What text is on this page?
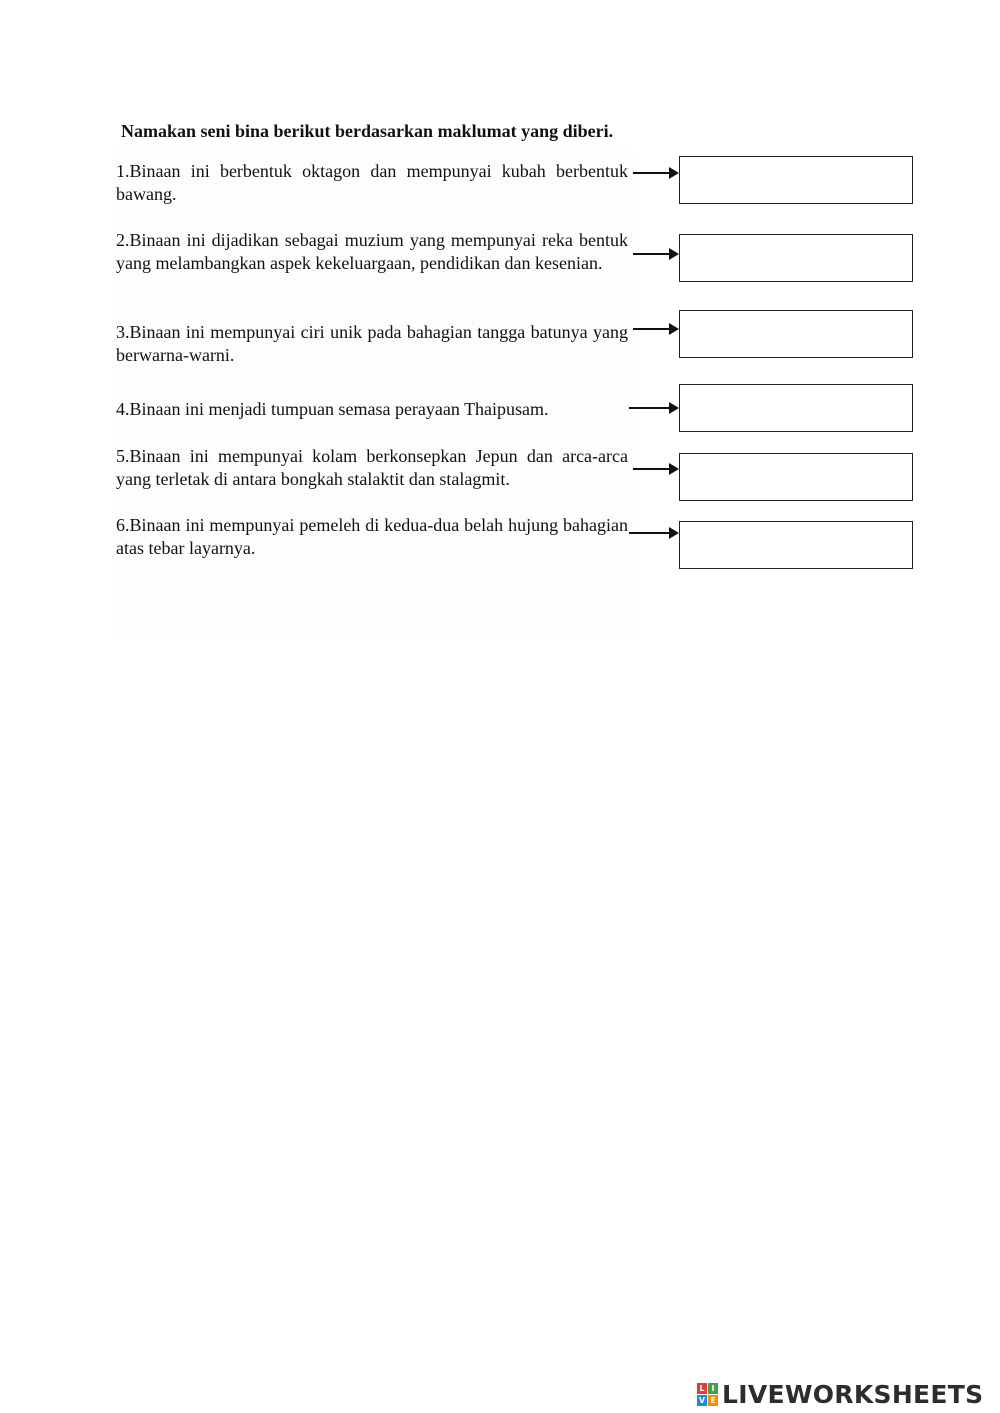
Namakan seni bina berikut berdasarkan maklumat yang diberi.
1.Binaan ini berbentuk oktagon dan mempunyai kubah berbentuk bawang.
2.Binaan ini dijadikan sebagai muzium yang mempunyai reka bentuk yang melambangkan aspek kekeluargaan, pendidikan dan kesenian.
3.Binaan ini mempunyai ciri unik pada bahagian tangga batunya yang berwarna-warni.
4.Binaan ini menjadi tumpuan semasa perayaan Thaipusam.
5.Binaan ini mempunyai kolam berkonsepkan Jepun dan arca-arca yang terletak di antara bongkah stalaktit dan stalagmit.
6.Binaan ini mempunyai pemeleh di kedua-dua belah hujung bahagian atas tebar layarnya.
L I
V E LIVEWORKSHEETS
